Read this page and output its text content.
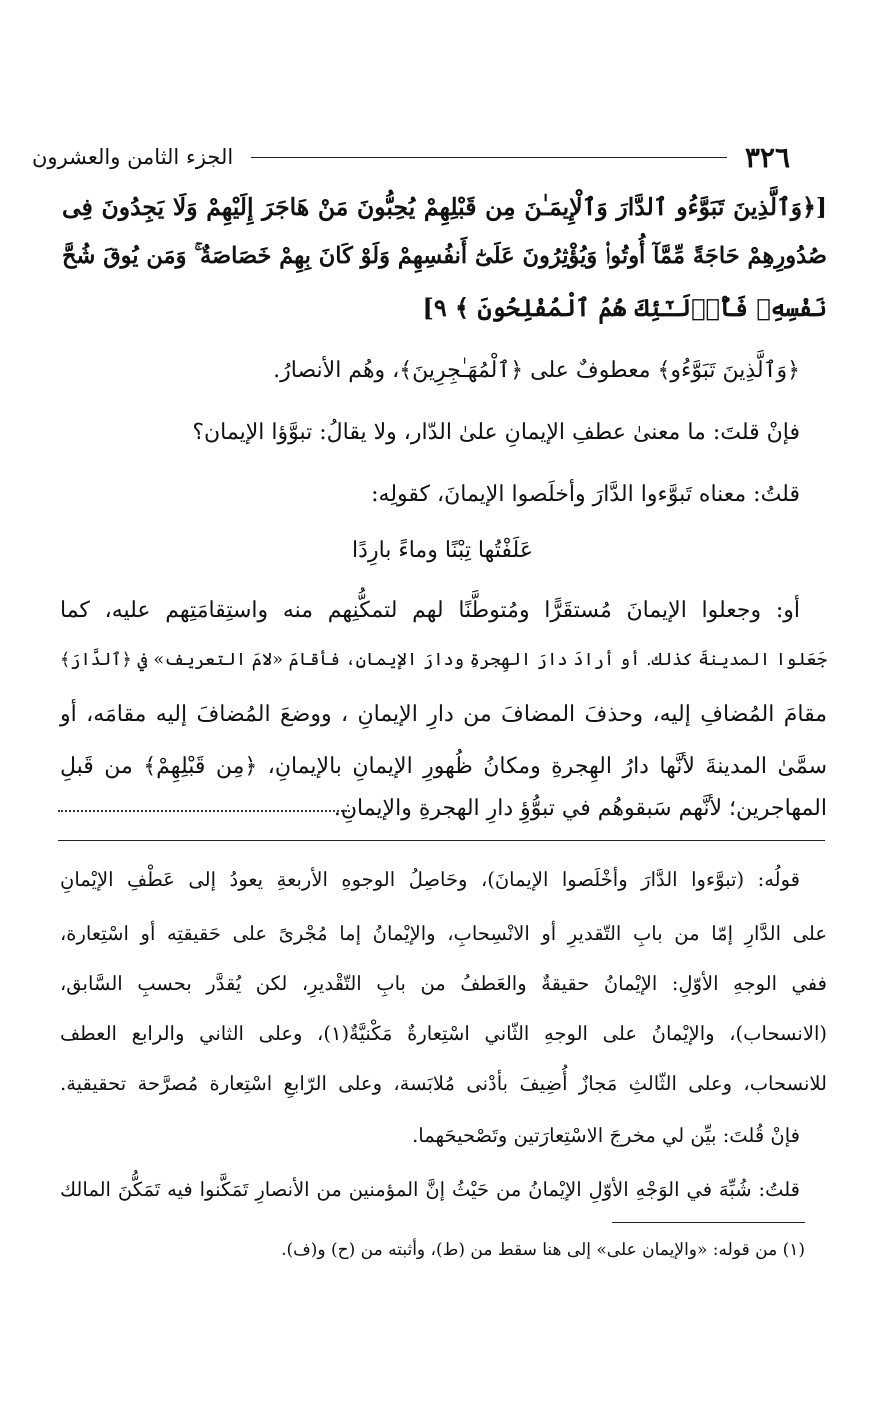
٣٢٦
الجزء الثامن والعشرون
[﴿وَٱلَّذِينَ تَبَوَّءُو ٱلدَّارَ وَٱلْإِيمَـٰنَ مِن قَبْلِهِمْ يُحِبُّونَ مَنْ هَاجَرَ إِلَيْهِمْ وَلَا يَجِدُونَ فِى
صُدُورِهِمْ حَاجَةً مِّمَّآ أُوتُوا۟ وَيُؤْثِرُونَ عَلَىٰٓ أَنفُسِهِمْ وَلَوْ كَانَ بِهِمْ خَصَاصَةٌ ۚ وَمَن يُوقَ شُحَّ
نَفْسِهِۦ فَأُو۟لَـٰٓئِكَ هُمُ ٱلْمُفْلِحُونَ ﴾ ٩]
﴿وَٱلَّذِينَ تَبَوَّءُو﴾ معطوفٌ على ﴿ٱلْمُهَـٰجِرِينَ﴾، وهُم الأنصارُ.
فإنْ قلتَ: ما معنىٰ عطفِ الإيمانِ علىٰ الدّار، ولا يقالُ: تبوَّؤا الإيمان؟
قلتُ: معناه تَبوَّءوا الدَّارَ وأخلَصوا الإيمانَ، كقولِه:
عَلَفْتُها تِبْنًا وماءً بارِدًا
أو: وجعلوا الإيمانَ مُستقَرًّا ومُتوطَّنًا لهم لتمكُّنِهم منه واستِقامَتِهم عليه، كما
جَعَلوا المدينةَ كذلك. أو أرادَ دارَ الهِجرةِ ودارَ الإيمانِ، فأقامَ «لامَ التعريف» في ﴿ٱلدَّارَ﴾
مقامَ المُضافِ إليه، وحذفَ المضافَ من دارِ الإيمانِ ، ووضعَ المُضافَ إليه مقامَه، أو
سمَّىٰ المدينةَ لأنَّها دارُ الهِجرةِ ومكانُ ظُهورِ الإيمانِ بالإيمانِ، ﴿مِن قَبْلِهِمْ﴾ من قَبلِ
المهاجرين؛ لأنَّهم سَبقوهُم في تبوُّؤِ دارِ الهجرةِ والإيمانِ.
قولُه: (تبوَّءوا الدَّارَ وأخْلَصوا الإيمانَ)، وحَاصِلُ الوجوهِ الأربعةِ يعودُ إلى عَطْفِ الإيْمانِ
على الدَّارِ إمّا من بابِ التّقديرِ أو الانْسِحابِ، والإيْمانُ إما مُجْرىً على حَقيقتِه أو اسْتِعارة،
ففي الوجهِ الأوّلِ: الإيْمانُ حقيقةٌ والعَطفُ من بابِ التّقْديرِ، لكن يُقدَّر بحسبِ السَّابق،
(الانسحاب)، والإيْمانُ على الوجهِ الثّاني اسْتِعارةٌ مَكْنيَّةٌ(١)، وعلى الثاني والرابع العطف
للانسحاب، وعلى الثّالثِ مَجازٌ أُضِيفَ بأدْنى مُلابَسة، وعلى الرّابعِ اسْتِعارة مُصرَّحة تحقيقية.
فإنْ قُلتَ: بيِّن لي مخرجَ الاسْتِعارَتين وتَصْحيحَهما.
قلتُ: شُبِّهَ في الوَجْهِ الأوّلِ الإيْمانُ من حَيْثُ إنَّ المؤمنين من الأنصارِ تَمَكَّنوا فيه تَمَكُّنَ المالك
(١) من قوله: «والإيمان على» إلى هنا سقط من (ط)، وأثبته من (ح) و(ف).
